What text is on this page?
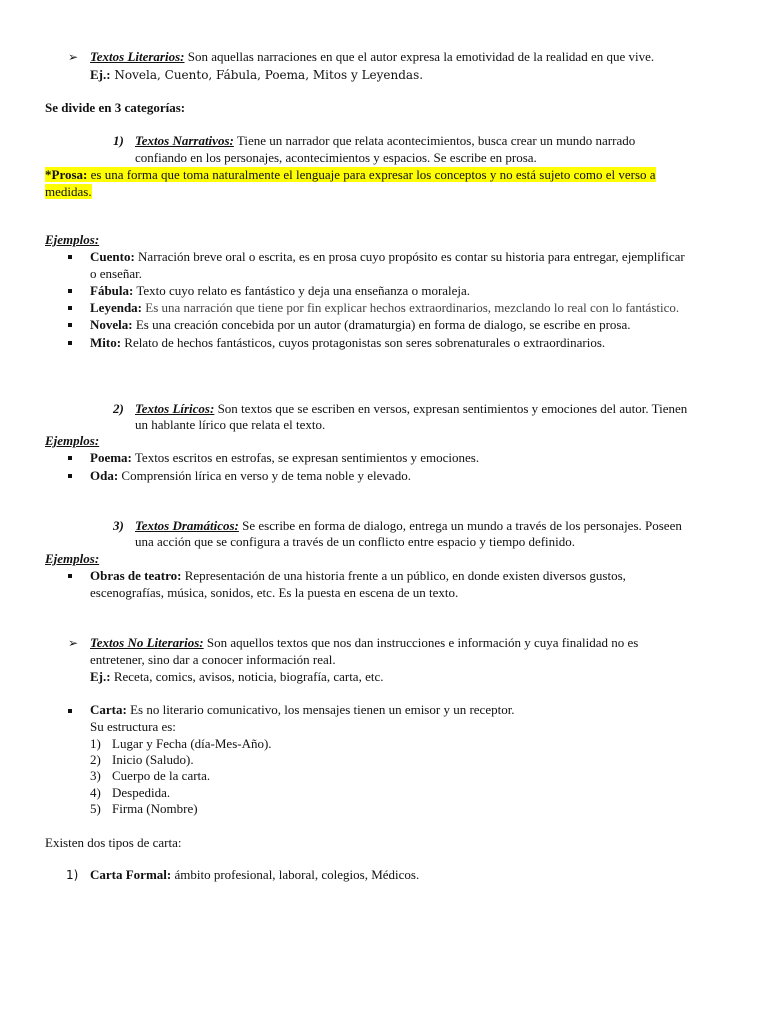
➢ Textos Literarios: Son aquellas narraciones en que el autor expresa la emotividad de la realidad en que vive.
Ej.: Novela, Cuento, Fábula, Poema, Mitos y Leyendas.
Se divide en 3 categorías:
1) Textos Narrativos: Tiene un narrador que relata acontecimientos, busca crear un mundo narrado
confiando en los personajes, acontecimientos y espacios. Se escribe en prosa.
*Prosa: es una forma que toma naturalmente el lenguaje para expresar los conceptos y no está sujeto como el verso a
medidas.
Ejemplos:
Cuento: Narración breve oral o escrita, es en prosa cuyo propósito es contar su historia para entregar, ejemplificar
o enseñar.
Fábula: Texto cuyo relato es fantástico y deja una enseñanza o moraleja.
Leyenda: Es una narración que tiene por fin explicar hechos extraordinarios, mezclando lo real con lo fantástico.
Novela: Es una creación concebida por un autor (dramaturgia) en forma de dialogo, se escribe en prosa.
Mito: Relato de hechos fantásticos, cuyos protagonistas son seres sobrenaturales o extraordinarios.
2) Textos Líricos: Son textos que se escriben en versos, expresan sentimientos y emociones del autor. Tienen
un hablante lírico que relata el texto.
Ejemplos:
Poema: Textos escritos en estrofas, se expresan sentimientos y emociones.
Oda: Comprensión lírica en verso y de tema noble y elevado.
3) Textos Dramáticos: Se escribe en forma de dialogo, entrega un mundo a través de los personajes. Poseen
una acción que se configura a través de un conflicto entre espacio y tiempo definido.
Ejemplos:
Obras de teatro: Representación de una historia frente a un público, en donde existen diversos gustos,
escenografías, música, sonidos, etc. Es la puesta en escena de un texto.
➢ Textos No Literarios: Son aquellos textos que nos dan instrucciones e información y cuya finalidad no es
entretener, sino dar a conocer información real.
Ej.: Receta, comics, avisos, noticia, biografía, carta, etc.
Carta: Es no literario comunicativo, los mensajes tienen un emisor y un receptor.
Su estructura es:
1) Lugar y Fecha (día-Mes-Año).
2) Inicio (Saludo).
3) Cuerpo de la carta.
4) Despedida.
5) Firma (Nombre)
Existen dos tipos de carta:
1) Carta Formal: ámbito profesional, laboral, colegios, Médicos.
